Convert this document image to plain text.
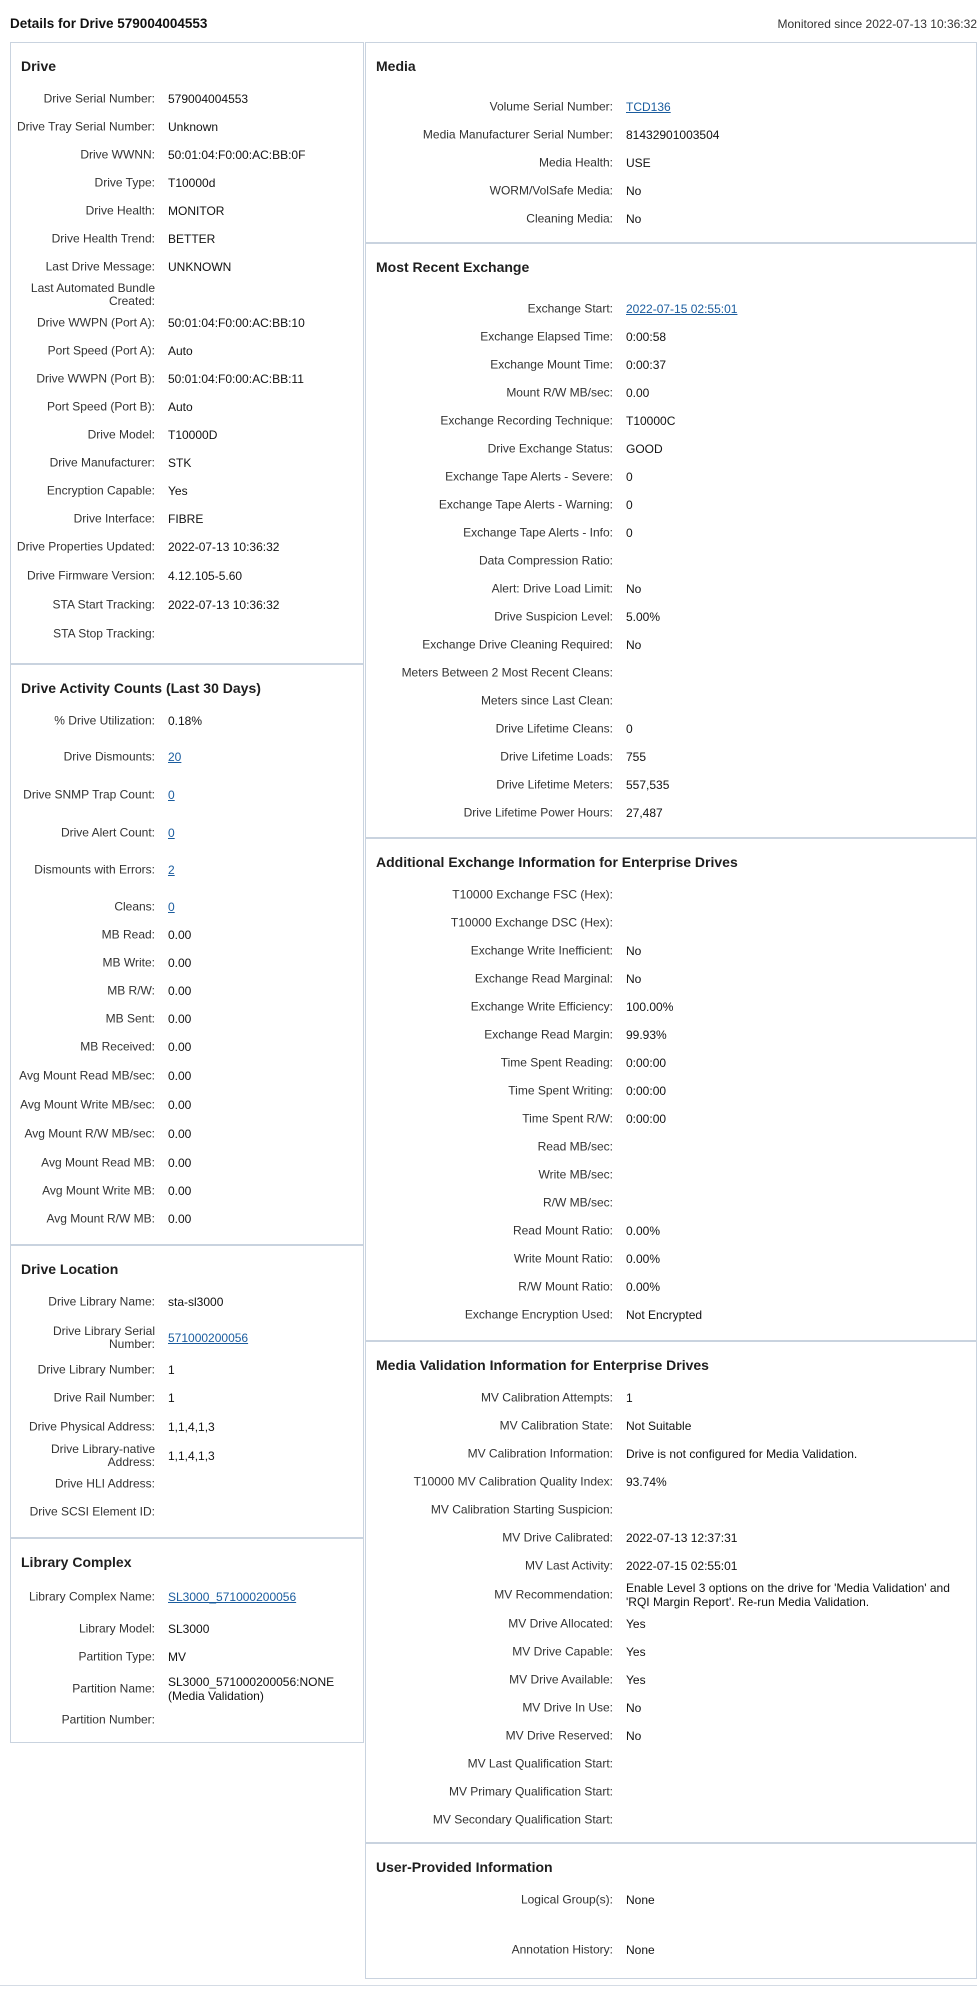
Details for Drive 579004004553	Monitored since 2022-07-13 10:36:32
Drive
Drive Serial Number: 579004004553
Drive Tray Serial Number: Unknown
Drive WWNN: 50:01:04:F0:00:AC:BB:0F
Drive Type: T10000d
Drive Health: MONITOR
Drive Health Trend: BETTER
Last Drive Message: UNKNOWN
Last Automated Bundle Created:
Drive WWPN (Port A): 50:01:04:F0:00:AC:BB:10
Port Speed (Port A): Auto
Drive WWPN (Port B): 50:01:04:F0:00:AC:BB:11
Port Speed (Port B): Auto
Drive Model: T10000D
Drive Manufacturer: STK
Encryption Capable: Yes
Drive Interface: FIBRE
Drive Properties Updated: 2022-07-13 10:36:32
Drive Firmware Version: 4.12.105-5.60
STA Start Tracking: 2022-07-13 10:36:32
STA Stop Tracking:
Drive Activity Counts (Last 30 Days)
% Drive Utilization: 0.18%
Drive Dismounts: 20
Drive SNMP Trap Count: 0
Drive Alert Count: 0
Dismounts with Errors: 2
Cleans: 0
MB Read: 0.00
MB Write: 0.00
MB R/W: 0.00
MB Sent: 0.00
MB Received: 0.00
Avg Mount Read MB/sec: 0.00
Avg Mount Write MB/sec: 0.00
Avg Mount R/W MB/sec: 0.00
Avg Mount Read MB: 0.00
Avg Mount Write MB: 0.00
Avg Mount R/W MB: 0.00
Drive Location
Drive Library Name: sta-sl3000
Drive Library Serial Number: 571000200056
Drive Library Number: 1
Drive Rail Number: 1
Drive Physical Address: 1,1,4,1,3
Drive Library-native Address: 1,1,4,1,3
Drive HLI Address:
Drive SCSI Element ID:
Library Complex
Library Complex Name: SL3000_571000200056
Library Model: SL3000
Partition Type: MV
Partition Name: SL3000_571000200056:NONE (Media Validation)
Partition Number:
Media
Volume Serial Number: TCD136
Media Manufacturer Serial Number: 81432901003504
Media Health: USE
WORM/VolSafe Media: No
Cleaning Media: No
Most Recent Exchange
Exchange Start: 2022-07-15 02:55:01
Exchange Elapsed Time: 0:00:58
Exchange Mount Time: 0:00:37
Mount R/W MB/sec: 0.00
Exchange Recording Technique: T10000C
Drive Exchange Status: GOOD
Exchange Tape Alerts - Severe: 0
Exchange Tape Alerts - Warning: 0
Exchange Tape Alerts - Info: 0
Data Compression Ratio:
Alert: Drive Load Limit: No
Drive Suspicion Level: 5.00%
Exchange Drive Cleaning Required: No
Meters Between 2 Most Recent Cleans:
Meters since Last Clean:
Drive Lifetime Cleans: 0
Drive Lifetime Loads: 755
Drive Lifetime Meters: 557,535
Drive Lifetime Power Hours: 27,487
Additional Exchange Information for Enterprise Drives
T10000 Exchange FSC (Hex):
T10000 Exchange DSC (Hex):
Exchange Write Inefficient: No
Exchange Read Marginal: No
Exchange Write Efficiency: 100.00%
Exchange Read Margin: 99.93%
Time Spent Reading: 0:00:00
Time Spent Writing: 0:00:00
Time Spent R/W: 0:00:00
Read MB/sec:
Write MB/sec:
R/W MB/sec:
Read Mount Ratio: 0.00%
Write Mount Ratio: 0.00%
R/W Mount Ratio: 0.00%
Exchange Encryption Used: Not Encrypted
Media Validation Information for Enterprise Drives
MV Calibration Attempts: 1
MV Calibration State: Not Suitable
MV Calibration Information: Drive is not configured for Media Validation.
T10000 MV Calibration Quality Index: 93.74%
MV Calibration Starting Suspicion:
MV Drive Calibrated: 2022-07-13 12:37:31
MV Last Activity: 2022-07-15 02:55:01
MV Recommendation: Enable Level 3 options on the drive for 'Media Validation' and 'RQI Margin Report'. Re-run Media Validation.
MV Drive Allocated: Yes
MV Drive Capable: Yes
MV Drive Available: Yes
MV Drive In Use: No
MV Drive Reserved: No
MV Last Qualification Start:
MV Primary Qualification Start:
MV Secondary Qualification Start:
User-Provided Information
Logical Group(s): None
Annotation History: None
